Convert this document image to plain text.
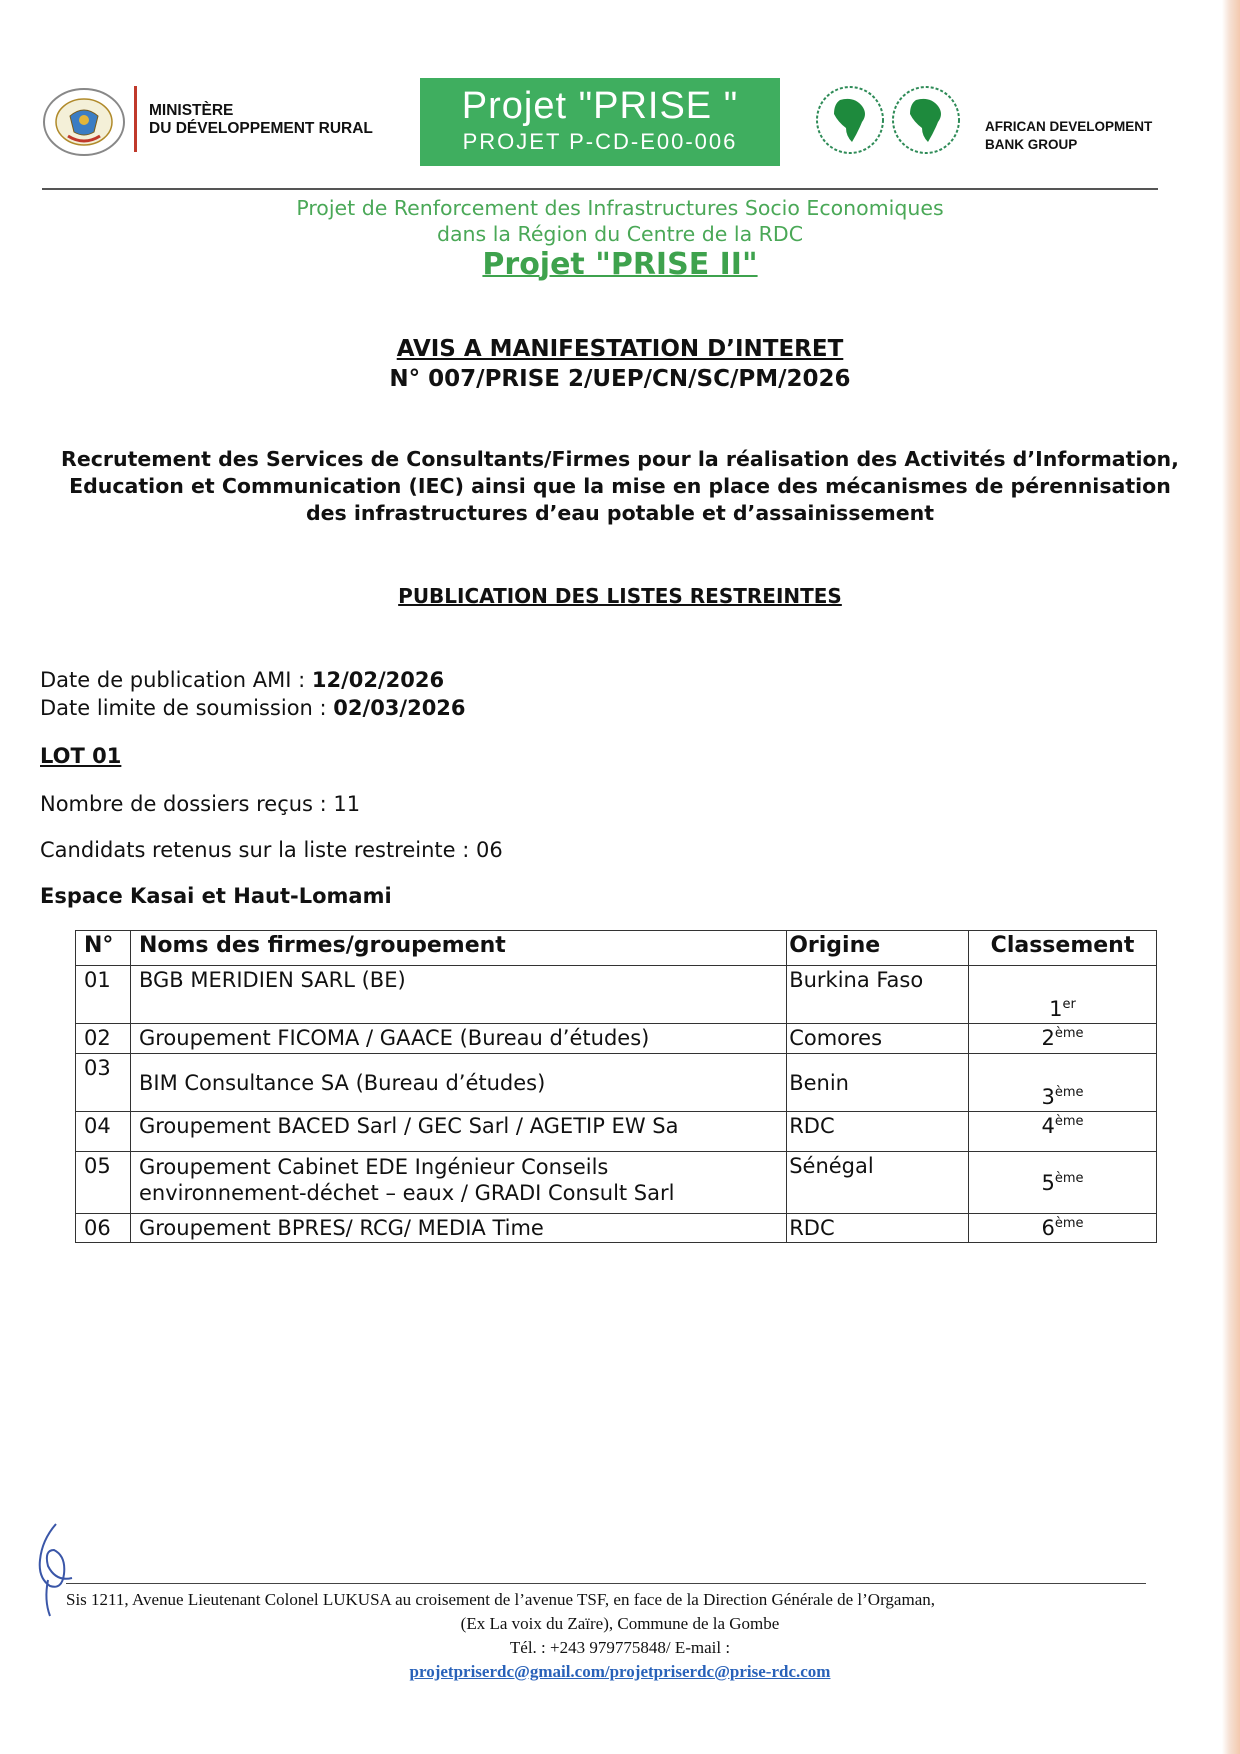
MINISTÈRE
DU DÉVELOPPEMENT RURAL
Projet "PRISE "
PROJET P-CD-E00-006
AFRICAN DEVELOPMENT
BANK GROUP
Projet de Renforcement des Infrastructures Socio Economiques
dans la Région du Centre de la RDC
Projet "PRISE II"
AVIS A MANIFESTATION D’INTERET
N° 007/PRISE 2/UEP/CN/SC/PM/2026
Recrutement des Services de Consultants/Firmes pour la réalisation des Activités d’Information,
Education et Communication (IEC) ainsi que la mise en place des mécanismes de pérennisation
des infrastructures d’eau potable et d’assainissement
PUBLICATION DES LISTES RESTREINTES
Date de publication AMI : 12/02/2026
Date limite de soumission : 02/03/2026
LOT 01
Nombre de dossiers reçus : 11
Candidats retenus sur la liste restreinte : 06
Espace Kasai et Haut-Lomami
N°	Noms des firmes/groupement	Origine	Classement
01	BGB MERIDIEN SARL (BE)	Burkina Faso	1er
02	Groupement FICOMA / GAACE (Bureau d’études)	Comores	2ème
03	BIM Consultance SA (Bureau d’études)	Benin	3ème
04	Groupement BACED Sarl / GEC Sarl / AGETIP EW Sa	RDC	4ème
05	Groupement Cabinet EDE Ingénieur Conseils environnement-déchet – eaux / GRADI Consult Sarl	Sénégal	5ème
06	Groupement BPRES/ RCG/ MEDIA Time	RDC	6ème
Sis 1211, Avenue Lieutenant Colonel LUKUSA au croisement de l’avenue TSF, en face de la Direction Générale de l’Orgaman,
(Ex La voix du Zaïre), Commune de la Gombe
Tél. : +243 979775848/ E-mail :
projetpriserdc@gmail.com/projetpriserdc@prise-rdc.com
